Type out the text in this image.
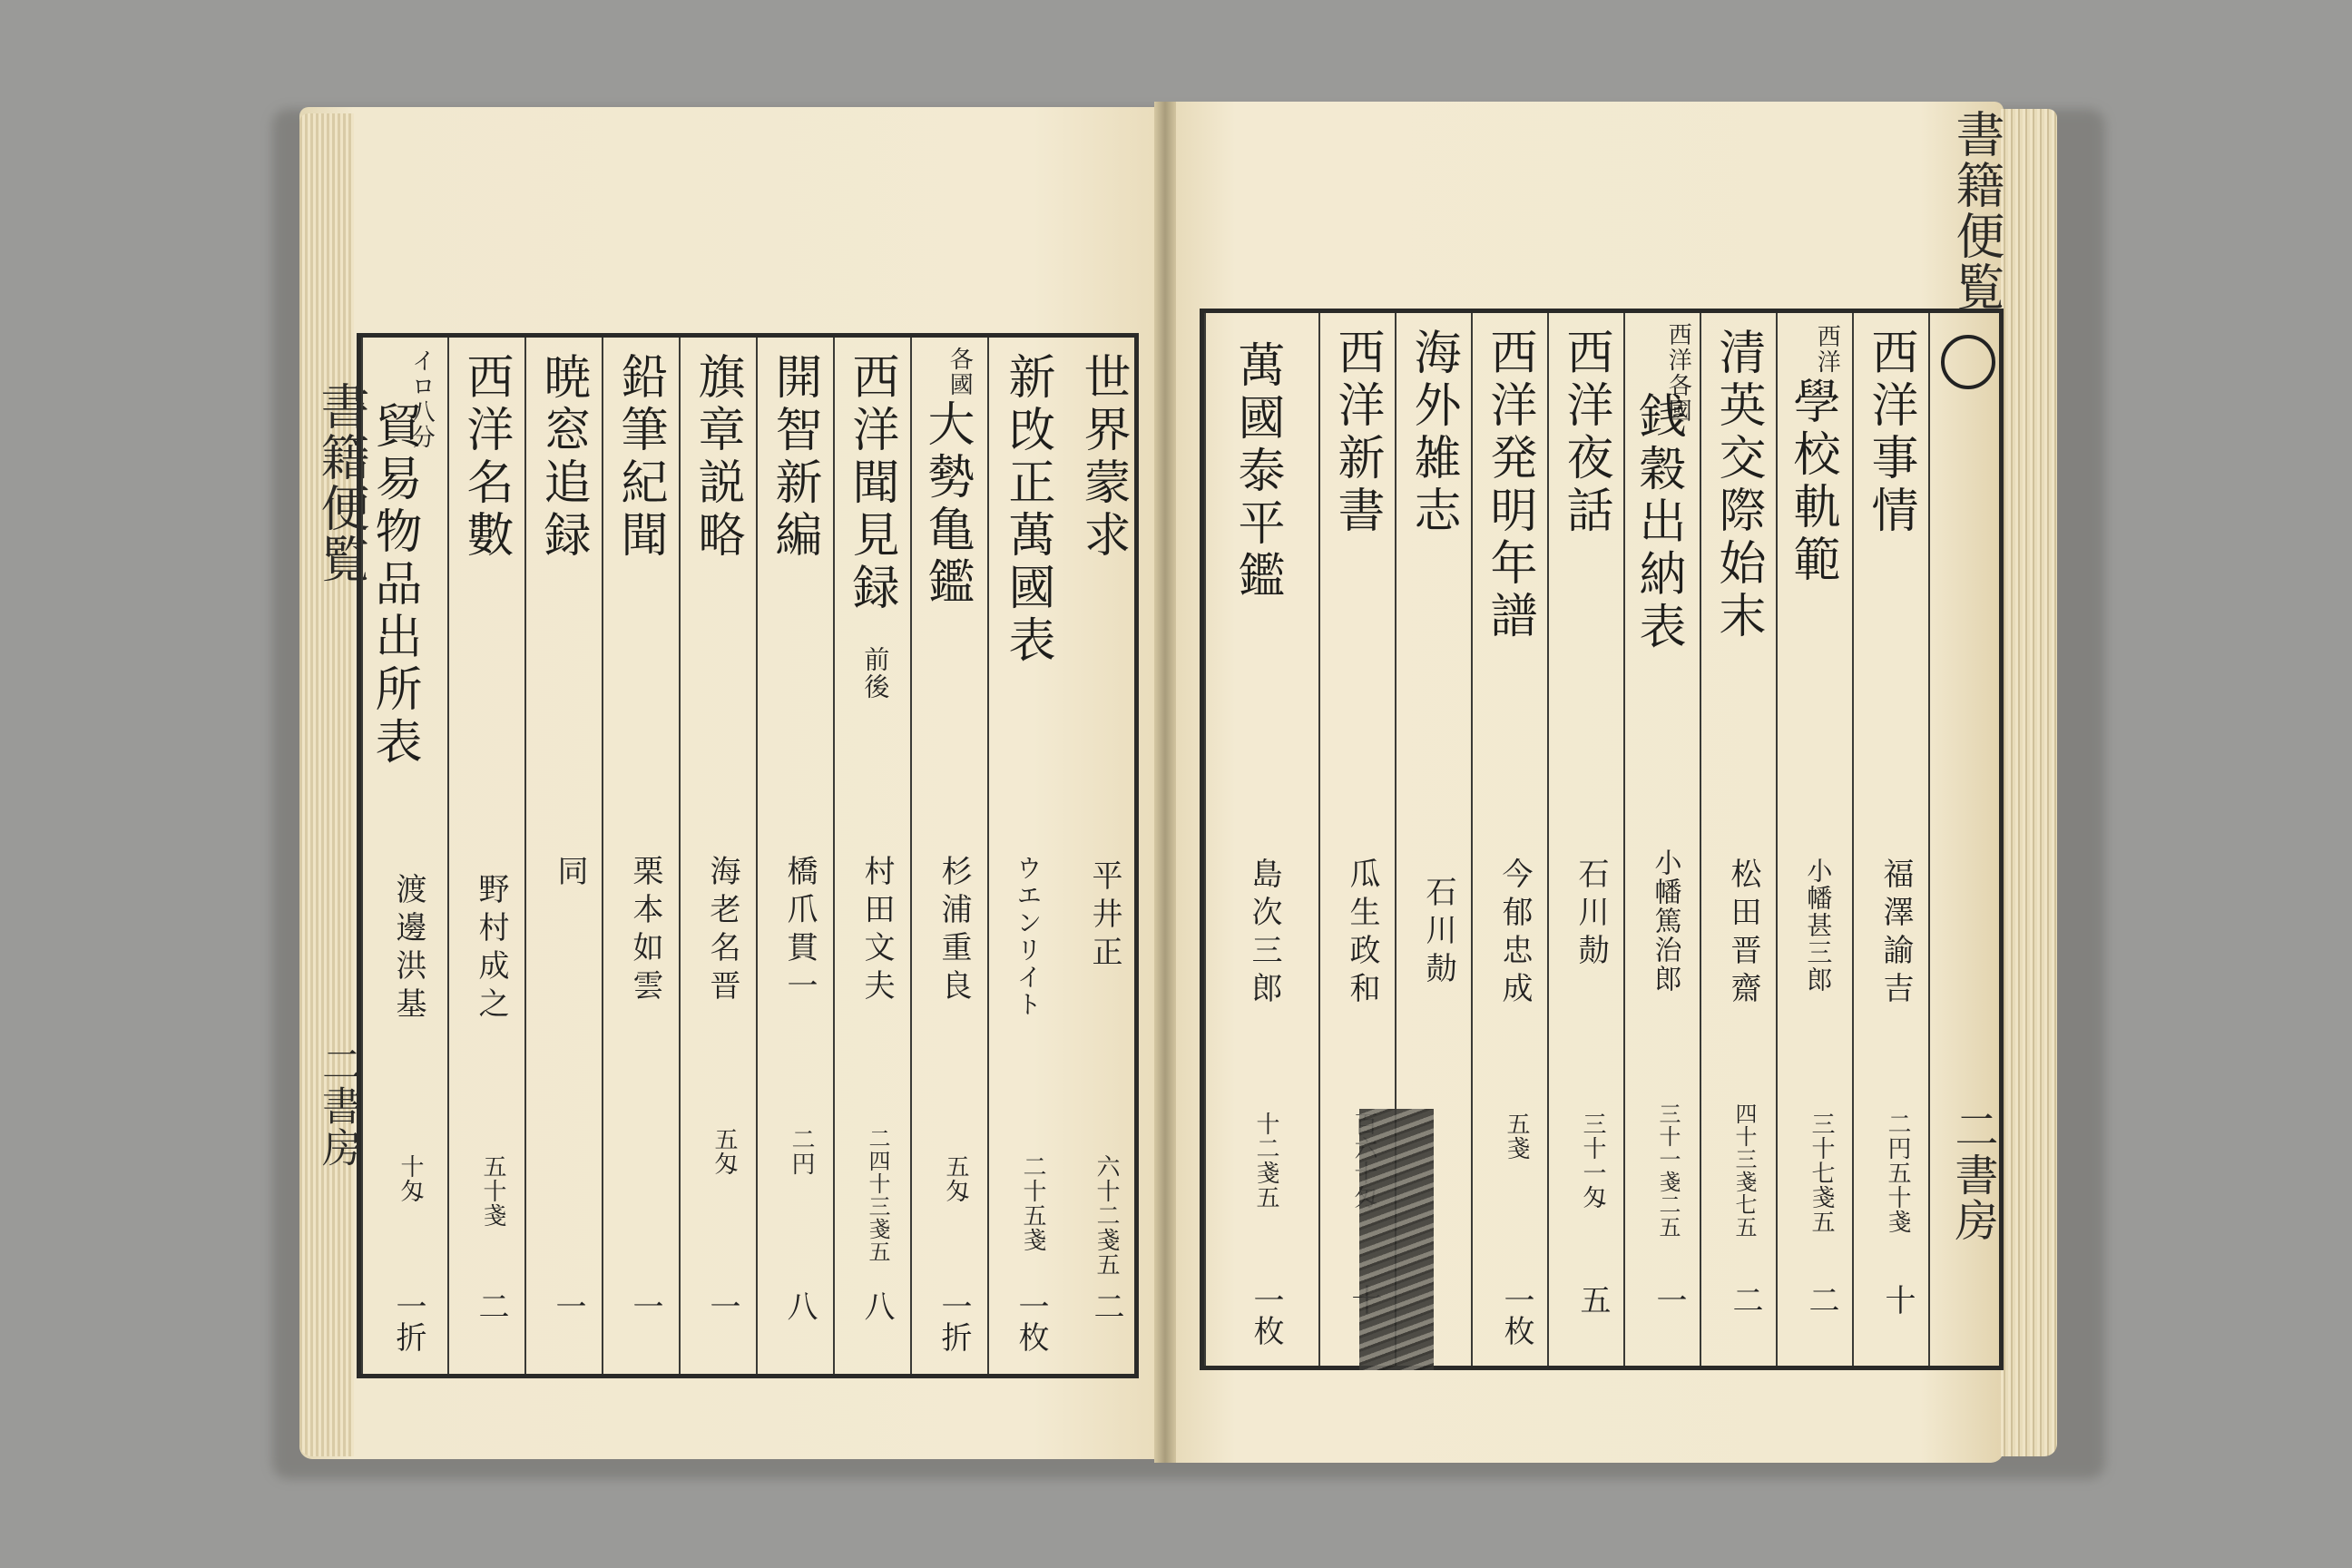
書籍便覧
二書房
書籍便覧
二書房
世界蒙求
平井正
六十二戔五
二
新攺正萬國表
ウエンリイト
二十五戔
一枚
各國
大勢亀鑑
杉浦重良
五匁
一折
西洋聞見録
前後
村田文夫
二四十三戔五
八
開智新編
橋爪貫一
二円
八
旗章説略
海老名晋
五匁
一
鉛筆紀聞
栗本如雲
一
暁窓追録
同
一
西洋名數
野村成之
五十戔
二
イロ八分
貿易物品出所表
渡邊洪基
十匁
一折
西洋事情
福澤諭吉
二円五十戔
十
西洋
學校軌範
小幡甚三郎
三十七戔五
二
清英交際始末
松田晋齋
四十三戔七五
二
西洋各國
銭穀出納表
小幡篤治郎
三十一戔二五
一
西洋夜話
石川𪟝
三十一匁
五
西洋発明年譜
今郁忠成
五戔
一枚
海外雑志
石川𪟝
西洋新書
瓜生政和
萬國泰平鑑
島次三郎
十二戔五
一枚
